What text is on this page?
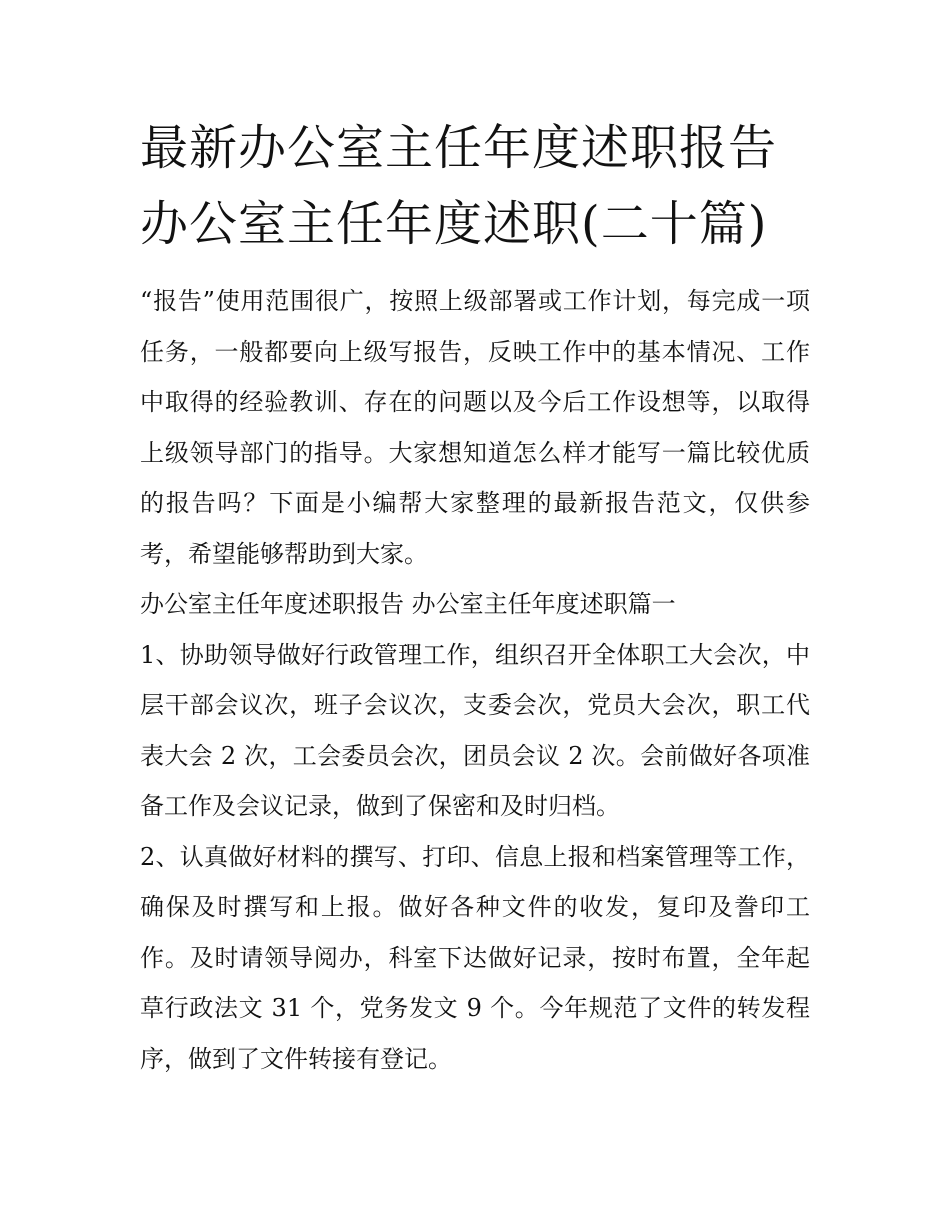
最新办公室主任年度述职报告
办公室主任年度述职(二十篇)

“报告”使用范围很广，按照上级部署或工作计划，每完成一项任务，一般都要向上级写报告，反映工作中的基本情况、工作中取得的经验教训、存在的问题以及今后工作设想等，以取得上级领导部门的指导。大家想知道怎么样才能写一篇比较优质的报告吗？下面是小编帮大家整理的最新报告范文，仅供参考，希望能够帮助到大家。

办公室主任年度述职报告 办公室主任年度述职篇一

1、协助领导做好行政管理工作，组织召开全体职工大会次，中层干部会议次，班子会议次，支委会次，党员大会次，职工代表大会 2 次，工会委员会次，团员会议 2 次。会前做好各项准备工作及会议记录，做到了保密和及时归档。

2、认真做好材料的撰写、打印、信息上报和档案管理等工作，确保及时撰写和上报。做好各种文件的收发，复印及誊印工作。及时请领导阅办，科室下达做好记录，按时布置，全年起草行政法文 31 个，党务发文 9 个。今年规范了文件的转发程序，做到了文件转接有登记。
